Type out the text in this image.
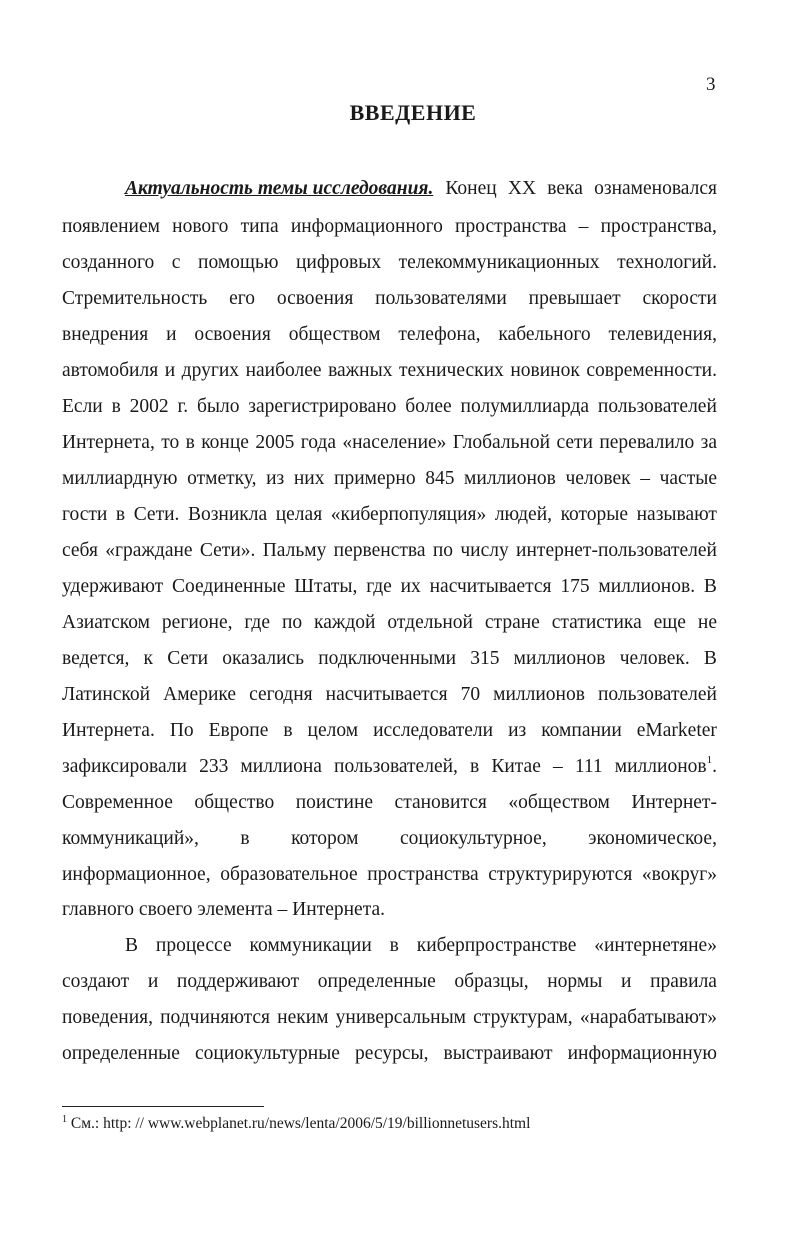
3
ВВЕДЕНИЕ
Актуальность темы исследования. Конец XX века ознаменовался
появлением нового типа информационного пространства – пространства,
созданного с помощью цифровых телекоммуникационных технологий.
Стремительность его освоения пользователями превышает скорости
внедрения и освоения обществом телефона, кабельного телевидения,
автомобиля и других наиболее важных технических новинок современности.
Если в 2002 г. было зарегистрировано более полумиллиарда пользователей
Интернета, то в конце 2005 года «население» Глобальной сети перевалило за
миллиардную отметку, из них примерно 845 миллионов человек – частые
гости в Сети. Возникла целая «киберпопуляция» людей, которые называют
себя «граждане Сети». Пальму первенства по числу интернет-пользователей
удерживают Соединенные Штаты, где их насчитывается 175 миллионов. В
Азиатском регионе, где по каждой отдельной стране статистика еще не
ведется, к Сети оказались подключенными 315 миллионов человек. В
Латинской Америке сегодня насчитывается 70 миллионов пользователей
Интернета. По Европе в целом исследователи из компании eMarketer
зафиксировали 233 миллиона пользователей, в Китае – 111 миллионов$^1$.
Современное общество поистине становится «обществом Интернет-
коммуникаций», в котором социокультурное, экономическое,
информационное, образовательное пространства структурируются «вокруг»
главного своего элемента – Интернета.
В процессе коммуникации в киберпространстве «интернетяне»
создают и поддерживают определенные образцы, нормы и правила
поведения, подчиняются неким универсальным структурам, «нарабатывают»
определенные социокультурные ресурсы, выстраивают информационную
$^1$ См.: http: // www.webplanet.ru/news/lenta/2006/5/19/billionnetusers.html
